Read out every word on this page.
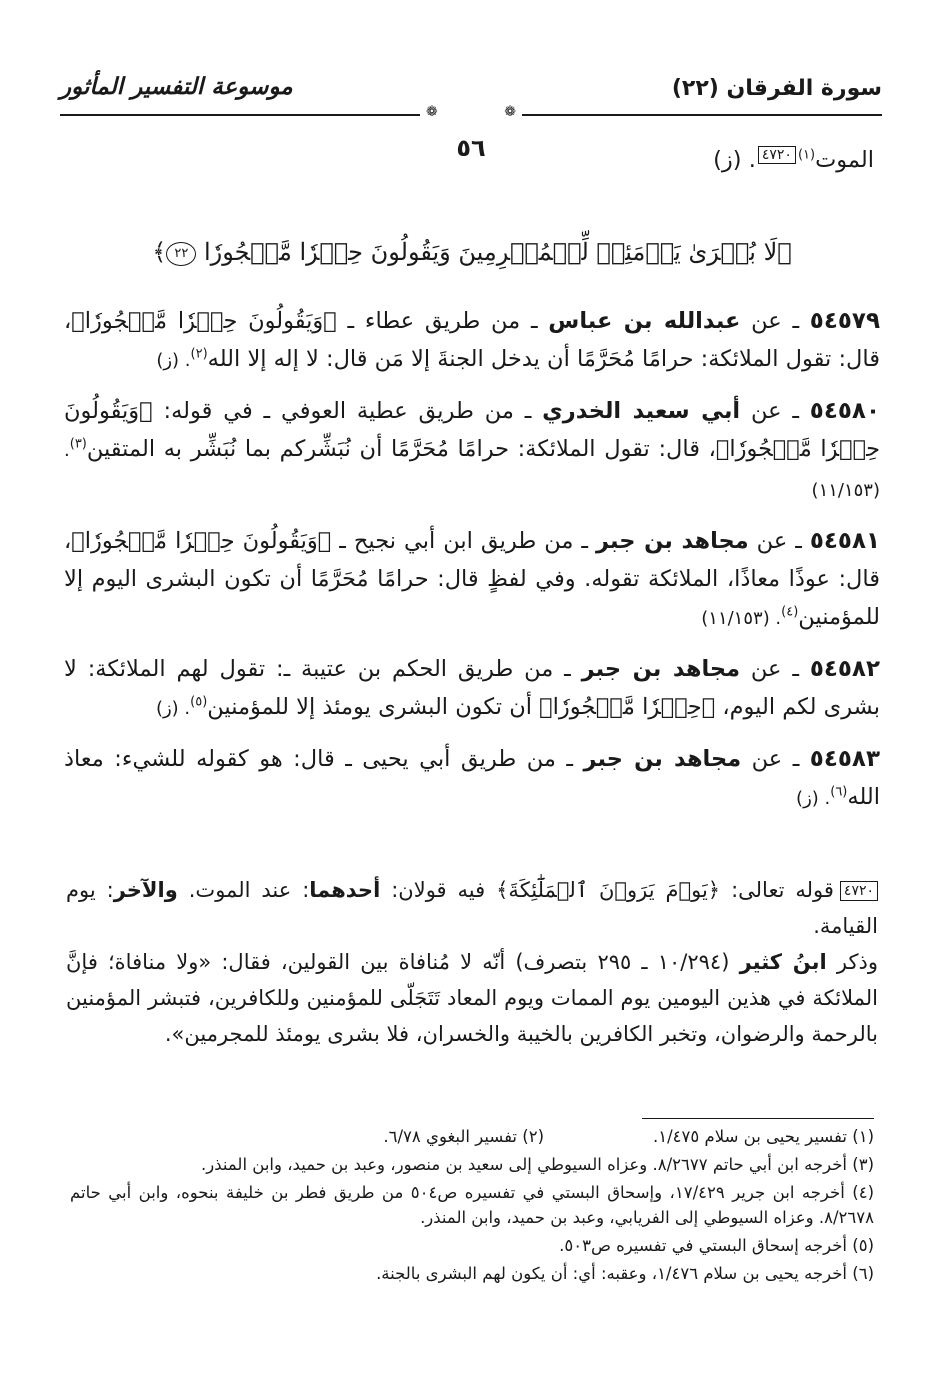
سورة الفرقان (٢٢)
موسوعة التفسير المأثور
❁
٥٦
❁
الموت$^{(١)}$٤٧٢٠. (ز)
﴿لَا بُشۡرَىٰ يَوۡمَئِذٖ لِّلۡمُجۡرِمِينَ وَيَقُولُونَ حِجۡرٗا مَّحۡجُورٗا ٢٢﴾
٥٤٥٧٩ ـ عن عبدالله بن عباس ـ من طريق عطاء ـ ﴿وَيَقُولُونَ حِجۡرٗا مَّحۡجُورٗا﴾، قال: تقول الملائكة: حرامًا مُحَرَّمًا أن يدخل الجنةَ إلا مَن قال: لا إله إلا الله$^{(٢)}$. (ز)
٥٤٥٨٠ ـ عن أبي سعيد الخدري ـ من طريق عطية العوفي ـ في قوله: ﴿وَيَقُولُونَ حِجۡرٗا مَّحۡجُورٗا﴾، قال: تقول الملائكة: حرامًا مُحَرَّمًا أن نُبَشِّركم بما نُبَشِّر به المتقين$^{(٣)}$. (١١/١٥٣)
٥٤٥٨١ ـ عن مجاهد بن جبر ـ من طريق ابن أبي نجيح ـ ﴿وَيَقُولُونَ حِجۡرٗا مَّحۡجُورٗا﴾، قال: عوذًا معاذًا، الملائكة تقوله. وفي لفظٍ قال: حرامًا مُحَرَّمًا أن تكون البشرى اليوم إلا للمؤمنين$^{(٤)}$. (١١/١٥٣)
٥٤٥٨٢ ـ عن مجاهد بن جبر ـ من طريق الحكم بن عتيبة ـ: تقول لهم الملائكة: لا بشرى لكم اليوم، ﴿حِجۡرٗا مَّحۡجُورٗا﴾ أن تكون البشرى يومئذ إلا للمؤمنين$^{(٥)}$. (ز)
٥٤٥٨٣ ـ عن مجاهد بن جبر ـ من طريق أبي يحيى ـ قال: هو كقوله للشيء: معاذ الله$^{(٦)}$. (ز)

٤٧٢٠قوله تعالى: ﴿يَوۡمَ يَرَوۡنَ ٱلۡمَلَٰٓئِكَةَ﴾ فيه قولان: أحدهما: عند الموت. والآخر: يوم القيامة.

وذكر ابنُ كثير (١٠/٢٩٤ ـ ٢٩٥ بتصرف) أنّه لا مُنافاة بين القولين، فقال: «ولا منافاة؛ فإنَّ الملائكة في هذين اليومين يوم الممات ويوم المعاد تَتَجَلّى للمؤمنين وللكافرين، فتبشر المؤمنين بالرحمة والرضوان، وتخبر الكافرين بالخيبة والخسران، فلا بشرى يومئذ للمجرمين».

(١) تفسير يحيى بن سلام ١/٤٧٥.
(٢) تفسير البغوي ٦/٧٨.
(٣) أخرجه ابن أبي حاتم ٨/٢٦٧٧. وعزاه السيوطي إلى سعيد بن منصور، وعبد بن حميد، وابن المنذر.
(٤) أخرجه ابن جرير ١٧/٤٢٩، وإسحاق البستي في تفسيره ص٥٠٤ من طريق فطر بن خليفة بنحوه، وابن أبي حاتم ٨/٢٦٧٨. وعزاه السيوطي إلى الفريابي، وعبد بن حميد، وابن المنذر.
(٥) أخرجه إسحاق البستي في تفسيره ص٥٠٣.
(٦) أخرجه يحيى بن سلام ١/٤٧٦، وعقبه: أي: أن يكون لهم البشرى بالجنة.
